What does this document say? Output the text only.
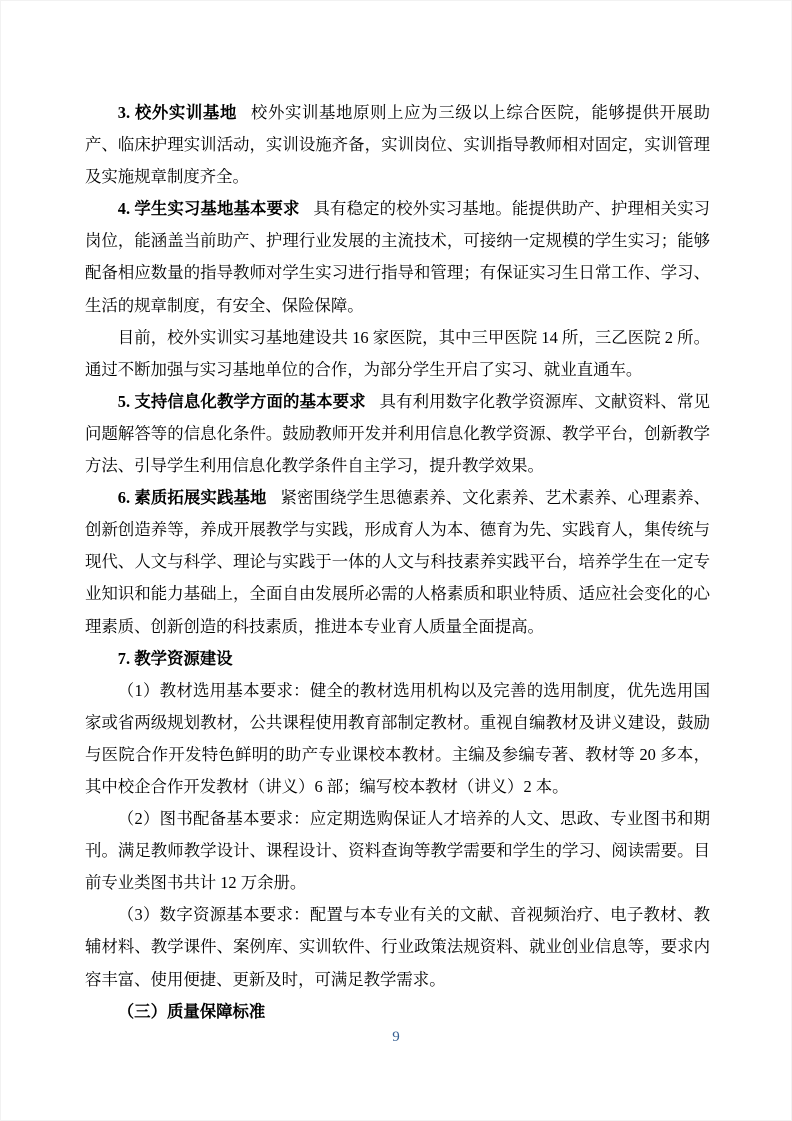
3. 校外实训基地 校外实训基地原则上应为三级以上综合医院，能够提供开展助产、临床护理实训活动，实训设施齐备，实训岗位、实训指导教师相对固定，实训管理及实施规章制度齐全。

4. 学生实习基地基本要求 具有稳定的校外实习基地。能提供助产、护理相关实习岗位，能涵盖当前助产、护理行业发展的主流技术，可接纳一定规模的学生实习；能够配备相应数量的指导教师对学生实习进行指导和管理；有保证实习生日常工作、学习、生活的规章制度，有安全、保险保障。

目前，校外实训实习基地建设共 16 家医院，其中三甲医院 14 所，三乙医院 2 所。通过不断加强与实习基地单位的合作，为部分学生开启了实习、就业直通车。

5. 支持信息化教学方面的基本要求 具有利用数字化教学资源库、文献资料、常见问题解答等的信息化条件。鼓励教师开发并利用信息化教学资源、教学平台，创新教学方法、引导学生利用信息化教学条件自主学习，提升教学效果。

6. 素质拓展实践基地 紧密围绕学生思德素养、文化素养、艺术素养、心理素养、创新创造养等，养成开展教学与实践，形成育人为本、德育为先、实践育人，集传统与现代、人文与科学、理论与实践于一体的人文与科技素养实践平台，培养学生在一定专业知识和能力基础上，全面自由发展所必需的人格素质和职业特质、适应社会变化的心理素质、创新创造的科技素质，推进本专业育人质量全面提高。

7. 教学资源建设

（1）教材选用基本要求：健全的教材选用机构以及完善的选用制度，优先选用国家或省两级规划教材，公共课程使用教育部制定教材。重视自编教材及讲义建设，鼓励与医院合作开发特色鲜明的助产专业课校本教材。主编及参编专著、教材等 20 多本，其中校企合作开发教材（讲义）6 部；编写校本教材（讲义）2 本。

（2）图书配备基本要求：应定期选购保证人才培养的人文、思政、专业图书和期刊。满足教师教学设计、课程设计、资料查询等教学需要和学生的学习、阅读需要。目前专业类图书共计 12 万余册。

（3）数字资源基本要求：配置与本专业有关的文献、音视频治疗、电子教材、教辅材料、教学课件、案例库、实训软件、行业政策法规资料、就业创业信息等，要求内容丰富、使用便捷、更新及时，可满足教学需求。

（三）质量保障标准

9
